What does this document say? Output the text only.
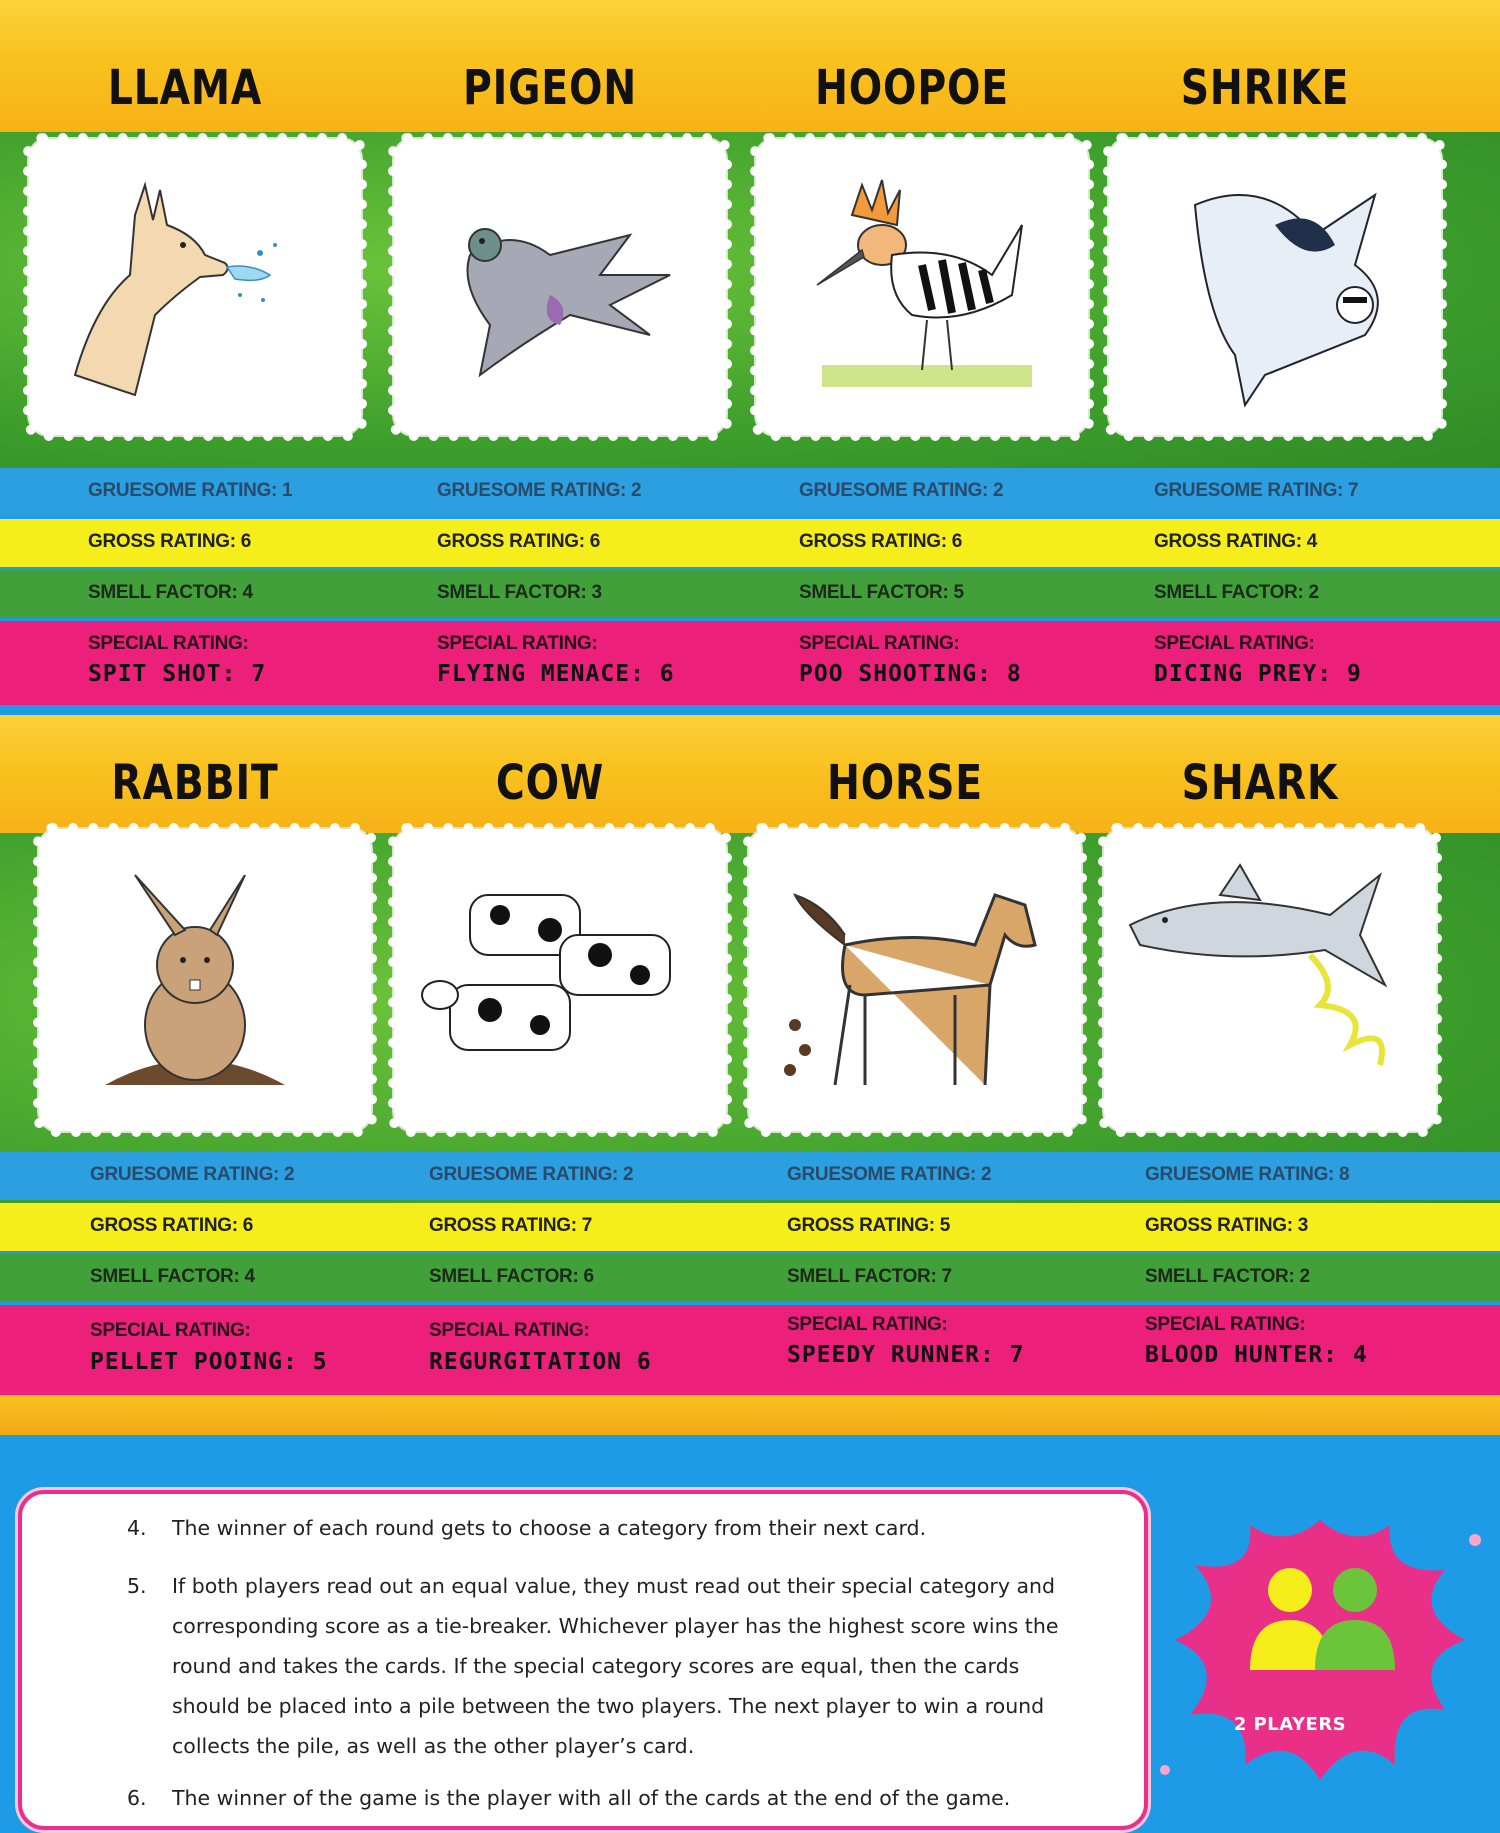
LLAMA
GRUESOME RATING: 1
GROSS RATING: 6
SMELL FACTOR: 4
SPECIAL RATING:
SPIT SHOT: 7
PIGEON
GRUESOME RATING: 2
GROSS RATING: 6
SMELL FACTOR: 3
SPECIAL RATING:
FLYING MENACE: 6
HOOPOE
GRUESOME RATING: 2
GROSS RATING: 6
SMELL FACTOR: 5
SPECIAL RATING:
POO SHOOTING: 8
SHRIKE
GRUESOME RATING: 7
GROSS RATING: 4
SMELL FACTOR: 2
SPECIAL RATING:
DICING PREY: 9
RABBIT
GRUESOME RATING: 2
GROSS RATING: 6
SMELL FACTOR: 4
SPECIAL RATING:
PELLET POOING: 5
COW
GRUESOME RATING: 2
GROSS RATING: 7
SMELL FACTOR: 6
SPECIAL RATING:
REGURGITATION 6
HORSE
GRUESOME RATING: 2
GROSS RATING: 5
SMELL FACTOR: 7
SPECIAL RATING:
SPEEDY RUNNER: 7
SHARK
GRUESOME RATING: 8
GROSS RATING: 3
SMELL FACTOR: 2
SPECIAL RATING:
BLOOD HUNTER: 4
4.	The winner of each round gets to choose a category from their next card.
5.	If both players read out an equal value, they must read out their special category and corresponding score as a tie-breaker. Whichever player has the highest score wins the round and takes the cards. If the special category scores are equal, then the cards should be placed into a pile between the two players. The next player to win a round collects the pile, as well as the other player’s card.
6.	The winner of the game is the player with all of the cards at the end of the game.
2 PLAYERS
